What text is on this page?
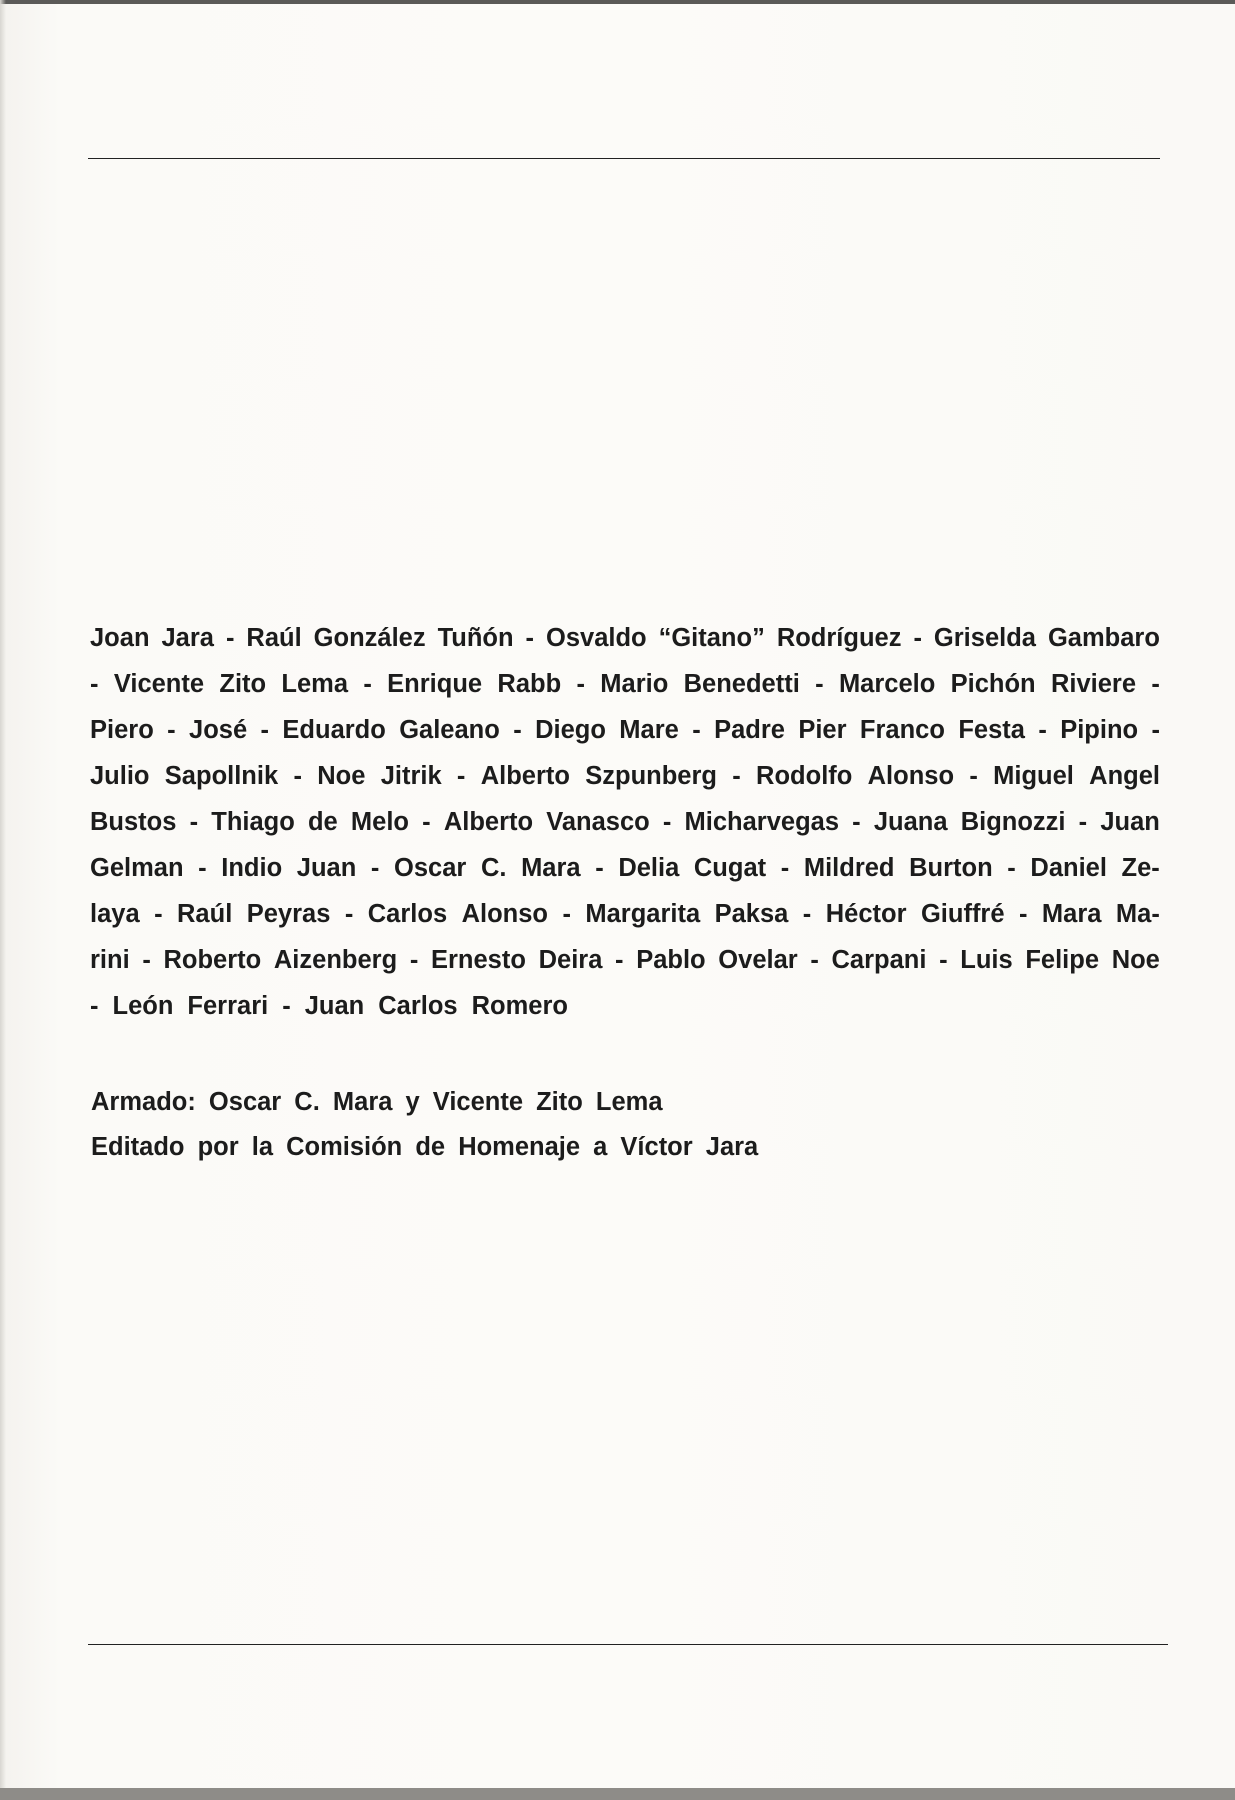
Joan Jara - Raúl González Tuñón - Osvaldo “Gitano” Rodríguez - Griselda Gambaro
- Vicente Zito Lema - Enrique Rabb - Mario Benedetti - Marcelo Pichón Riviere -
Piero - José - Eduardo Galeano - Diego Mare - Padre Pier Franco Festa - Pipino -
Julio Sapollnik - Noe Jitrik - Alberto Szpunberg - Rodolfo Alonso - Miguel Angel
Bustos - Thiago de Melo - Alberto Vanasco - Micharvegas - Juana Bignozzi - Juan
Gelman - Indio Juan - Oscar C. Mara - Delia Cugat - Mildred Burton - Daniel Ze-
laya - Raúl Peyras - Carlos Alonso - Margarita Paksa - Héctor Giuffré - Mara Ma-
rini - Roberto Aizenberg - Ernesto Deira - Pablo Ovelar - Carpani - Luis Felipe Noe
- León Ferrari - Juan Carlos Romero
Armado: Oscar C. Mara y Vicente Zito Lema
Editado por la Comisión de Homenaje a Víctor Jara
